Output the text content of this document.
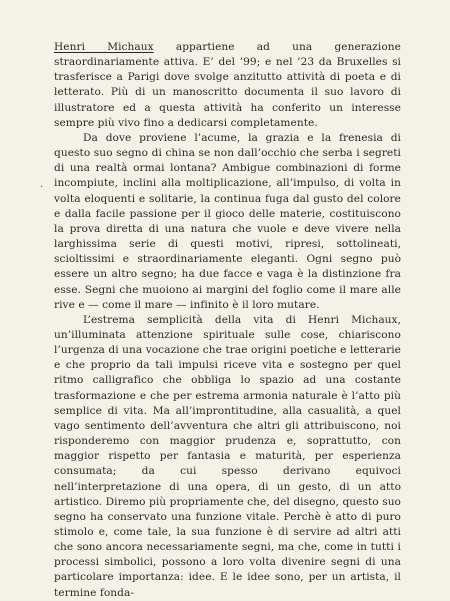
·

Henri Michaux appartiene ad una generazione straordinariamente attiva. E’ del ’99; e nel ’23 da Bruxelles si trasferisce a Parigi dove svolge anzitutto attività di poeta e di letterato. Più di un manoscritto documenta il suo lavoro di illustratore ed a questa attività ha conferito un interesse sempre più vivo fino a dedicarsi completamente.

Da dove proviene l’acume, la grazia e la frenesia di questo suo segno di china se non dall’occhio che serba i segreti di una realtà ormai lontana? Ambigue combinazioni di forme incompiute, inclini alla moltiplicazione, all’impulso, di volta in volta eloquenti e solitarie, la continua fuga dal gusto del colore e dalla facile passione per il gioco delle materie, costituiscono la prova diretta di una natura che vuole e deve vivere nella larghissima serie di questi motivi, ripresi, sottolineati, scioltissimi e straordinariamente eleganti. Ogni segno può essere un altro segno; ha due facce e vaga è la distinzione fra esse. Segni che muoiono ai margini del foglio come il mare alle rive e — come il mare — infinito è il loro mutare.

L’estrema semplicità della vita di Henri Michaux, un’illuminata attenzione spirituale sulle cose, chiariscono l’urgenza di una vocazione che trae origini poetiche e letterarie e che proprio da tali impulsi riceve vita e sostegno per quel ritmo calligrafico che obbliga lo spazio ad una costante trasformazione e che per estrema armonia naturale è l’atto più semplice di vita. Ma all’improntitudine, alla casualità, a quel vago sentimento dell’avventura che altri gli attribuiscono, noi risponderemo con maggior prudenza e, soprattutto, con maggior rispetto per fantasia e maturità, per esperienza consumata; da cui spesso derivano equivoci nell’interpretazione di una opera, di un gesto, di un atto artistico. Diremo più propriamente che, del disegno, questo suo segno ha conservato una funzione vitale. Perchè è atto di puro stimolo e, come tale, la sua funzione è di servire ad altri atti che sono ancora necessariamente segni, ma che, come in tutti i processi simbolici, possono a loro volta divenire segni di una particolare importanza: idee. E le idee sono, per un artista, il termine fonda-
